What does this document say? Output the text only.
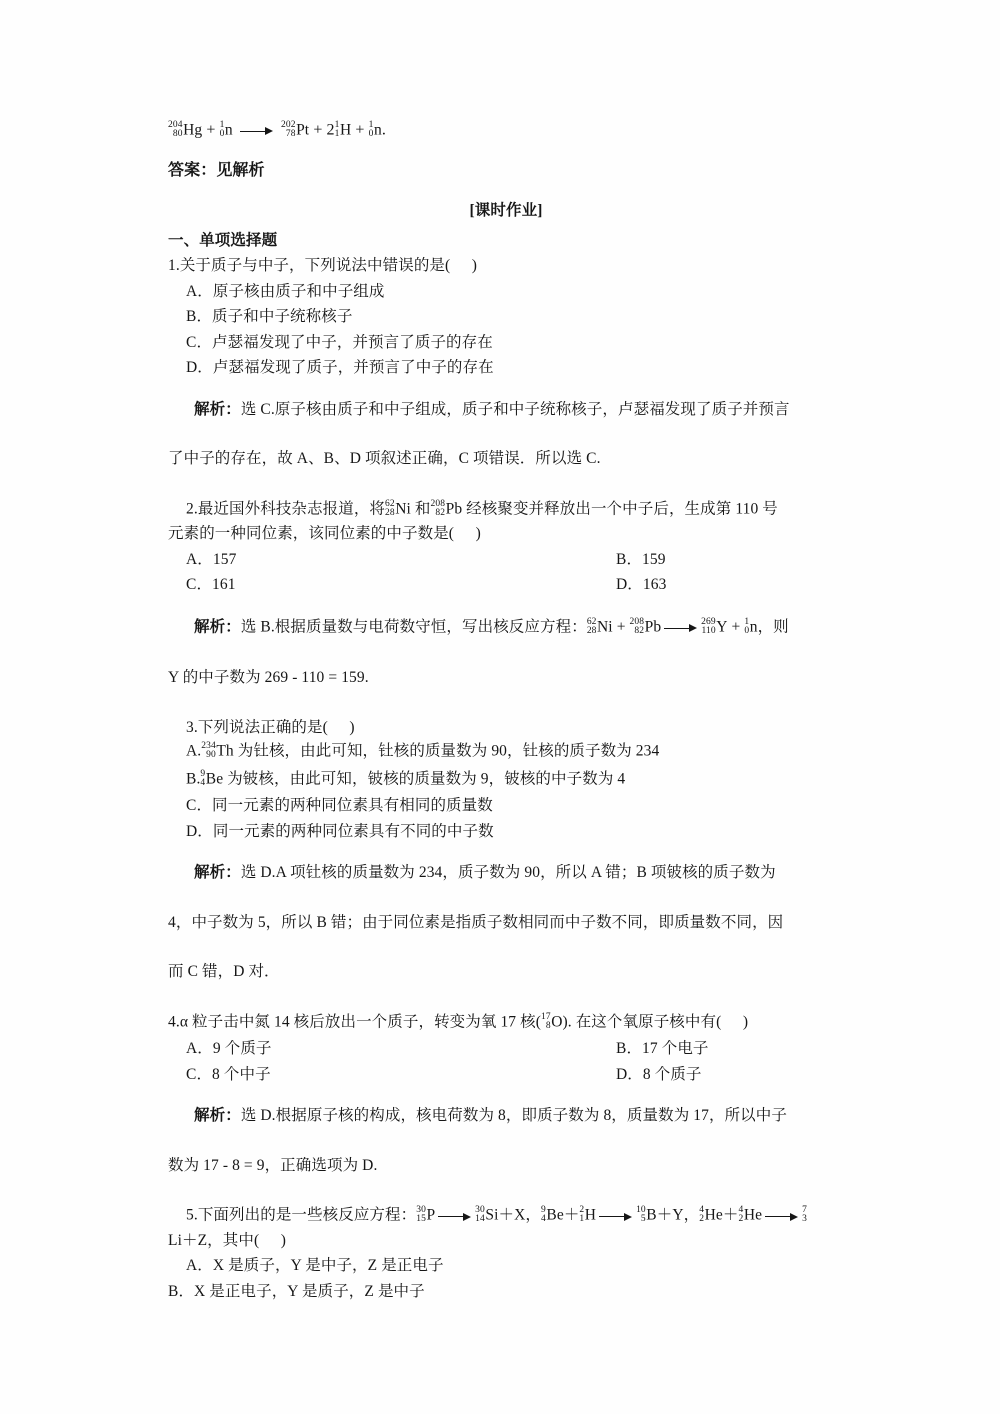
204
80 Hg + 1
0 n	202
78 Pt + 2 1
1 H + 1
0 n.
答案：见解析
[课时作业]
一、单项选择题
1.关于质子与中子，下列说法中错误的是( )
A．原子核由质子和中子组成
B．质子和中子统称核子
C．卢瑟福发现了中子，并预言了质子的存在
D．卢瑟福发现了质子，并预言了中子的存在
解析：选 C.原子核由质子和中子组成，质子和中子统称核子，卢瑟福发现了质子并预言
了中子的存在，故 A、B、D 项叙述正确，C 项错误．所以选 C.
2.最近国外科技杂志报道，将 62
28 Ni 和 208
82 Pb 经核聚变并释放出一个中子后，生成第 110 号
元素的一种同位素，该同位素的中子数是( )
A．157	B．159
C．161	D．163
解析：选 B.根据质量数与电荷数守恒，写出核反应方程： 62
28 Ni + 208
82 Pb	269
110 Y + 1
0 n，则
Y 的中子数为 269 - 110 = 159.
3.下列说法正确的是( )
A. 234
90 Th 为钍核，由此可知，钍核的质量数为 90，钍核的质子数为 234
B. 9
4 Be 为铍核，由此可知，铍核的质量数为 9，铍核的中子数为 4
C．同一元素的两种同位素具有相同的质量数
D．同一元素的两种同位素具有不同的中子数
解析：选 D.A 项钍核的质量数为 234，质子数为 90，所以 A 错；B 项铍核的质子数为
4，中子数为 5，所以 B 错；由于同位素是指质子数相同而中子数不同，即质量数不同，因
而 C 错，D 对．
4.α 粒子击中氮 14 核后放出一个质子，转变为氧 17 核( 17
8 O). 在这个氧原子核中有( )
A．9 个质子	B．17 个电子
C．8 个中子	D．8 个质子
解析：选 D.根据原子核的构成，核电荷数为 8，即质子数为 8，质量数为 17，所以中子
数为 17 - 8 = 9，正确选项为 D.
5.下面列出的是一些核反应方程： 30
15 P	30
14 Si＋X， 9
4 Be＋ 2
1 H	10
5 B＋Y， 4
2 He＋ 4
2 He	7
3
Li＋Z，其中( )
A．X 是质子，Y 是中子，Z 是正电子
B．X 是正电子，Y 是质子，Z 是中子
